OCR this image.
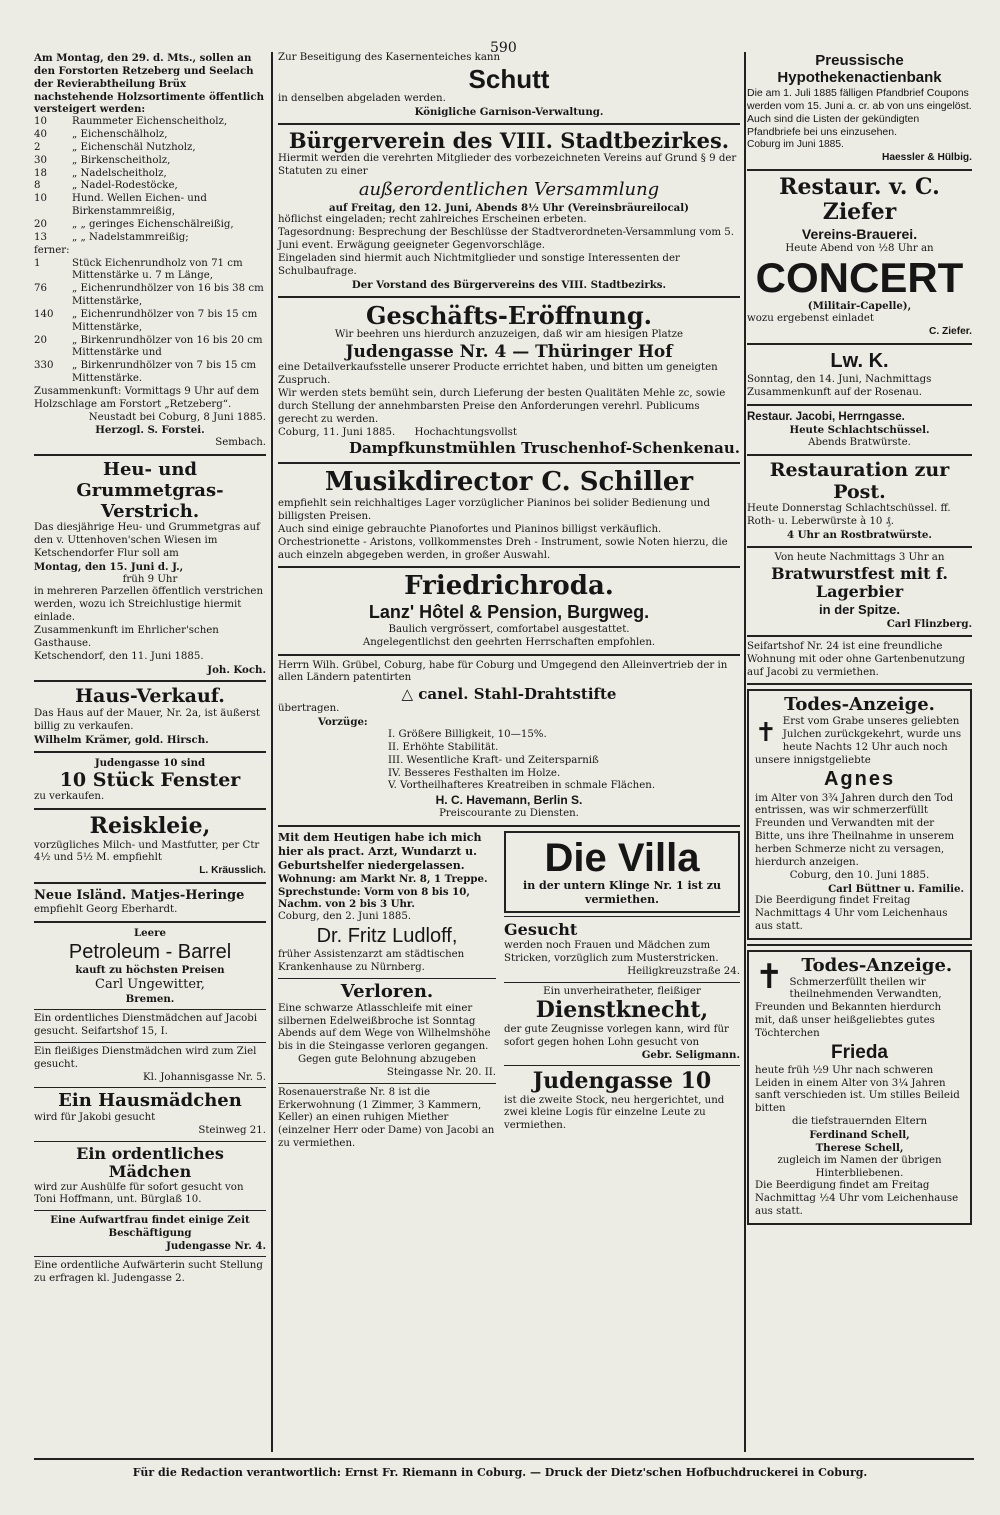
590

Am Montag, den 29. d. Mts., sollen an den Forstorten Retzeberg und Seelach der Revierabtheilung Brüx nachstehende Holzsortimente öffentlich versteigert werden:

10	Raummeter Eichenscheitholz,
40	„ Eichenschälholz,
2	„ Eichenschäl Nutzholz,
30	„ Birkenscheitholz,
18	„ Nadelscheitholz,
8	„ Nadel-Rodestöcke,
10	Hund. Wellen Eichen- und Birkenstammreißig,
20	„ „ geringes Eichenschälreißig,
13	„ „ Nadelstammreißig;

ferner:

1	Stück Eichenrundholz von 71 cm Mittenstärke u. 7 m Länge,
76	„ Eichenrundhölzer von 16 bis 38 cm Mittenstärke,
140	„ Eichenrundhölzer von 7 bis 15 cm Mittenstärke,
20	„ Birkenrundhölzer von 16 bis 20 cm Mittenstärke und
330	„ Birkenrundhölzer von 7 bis 15 cm Mittenstärke.

Zusammenkunft: Vormittags 9 Uhr auf dem Holzschlage am Forstort „Retzeberg“.

Neustadt bei Coburg, 8 Juni 1885.

Herzogl. S. Forstei.

Sembach.

Heu- und Grummetgras-Verstrich.

Das diesjährige Heu- und Grummetgras auf den v. Uttenhoven'schen Wiesen im Ketschendorfer Flur soll am

Montag, den 15. Juni d. J.,

früh 9 Uhr

in mehreren Parzellen öffentlich verstrichen werden, wozu ich Streichlustige hiermit einlade.

Zusammenkunft im Ehrlicher'schen Gasthause.

Ketschendorf, den 11. Juni 1885.

Joh. Koch.

Haus-Verkauf.

Das Haus auf der Mauer, Nr. 2a, ist äußerst billig zu verkaufen.

Wilhelm Krämer, gold. Hirsch.

Judengasse 10 sind

10 Stück Fenster

zu verkaufen.

Reiskleie,

vorzügliches Milch- und Mastfutter, per Ctr 4½ und 5½ M. empfiehlt

L. Kräusslich.

Neue Isländ. Matjes-Heringe

empfiehlt Georg Eberhardt.

Leere

Petroleum - Barrel

kauft zu höchsten Preisen

Carl Ungewitter,

Bremen.

Ein ordentliches Dienstmädchen auf Jacobi gesucht. Seifartshof 15, I.

Ein fleißiges Dienstmädchen wird zum Ziel gesucht.

Kl. Johannisgasse Nr. 5.

Ein Hausmädchen

wird für Jakobi gesucht

Steinweg 21.

Ein ordentliches Mädchen

wird zur Aushülfe für sofort gesucht von Toni Hoffmann, unt. Bürglaß 10.

Eine Aufwartfrau findet einige Zeit Beschäftigung

Judengasse Nr. 4.

Eine ordentliche Aufwärterin sucht Stellung zu erfragen kl. Judengasse 2.

Zur Beseitigung des Kasernenteiches kann

Schutt

in denselben abgeladen werden.

Königliche Garnison-Verwaltung.

Bürgerverein des VIII. Stadtbezirkes.

Hiermit werden die verehrten Mitglieder des vorbezeichneten Vereins auf Grund § 9 der Statuten zu einer

außerordentlichen Versammlung

auf Freitag, den 12. Juni, Abends 8½ Uhr (Vereinsbräureilocal)

höflichst eingeladen; recht zahlreiches Erscheinen erbeten.

Tagesordnung: Besprechung der Beschlüsse der Stadtverordneten-Versammlung vom 5. Juni event. Erwägung geeigneter Gegenvorschläge.

Eingeladen sind hiermit auch Nichtmitglieder und sonstige Interessenten der Schulbaufrage.

Der Vorstand des Bürgervereins des VIII. Stadtbezirks.

Geschäfts-Eröffnung.

Wir beehren uns hierdurch anzuzeigen, daß wir am hiesigen Platze

Judengasse Nr. 4 — Thüringer Hof

eine Detailverkaufsstelle unserer Producte errichtet haben, und bitten um geneigten Zuspruch.

Wir werden stets bemüht sein, durch Lieferung der besten Qualitäten Mehle zc, sowie durch Stellung der annehmbarsten Preise den Anforderungen verehrl. Publicums gerecht zu werden.

Coburg, 11. Juni 1885. Hochachtungsvollst

Dampfkunstmühlen Truschenhof-Schenkenau.

Musikdirector C. Schiller

empfiehlt sein reichhaltiges Lager vorzüglicher Pianinos bei solider Bedienung und billigsten Preisen.

Auch sind einige gebrauchte Pianofortes und Pianinos billigst verkäuflich. Orchestrionette - Aristons, vollkommenstes Dreh - Instrument, sowie Noten hierzu, die auch einzeln abgegeben werden, in großer Auswahl.

Friedrichroda.

Lanz' Hôtel & Pension, Burgweg.

Baulich vergrössert, comfortabel ausgestattet.

Angelegentlichst den geehrten Herrschaften empfohlen.

Herrn Wilh. Grübel, Coburg, habe für Coburg und Umgegend den Alleinvertrieb der in allen Ländern patentirten

△ canel. Stahl-Drahtstifte

übertragen.

Vorzüge:

I. Größere Billigkeit, 10—15%.

II. Erhöhte Stabilität.

III. Wesentliche Kraft- und Zeitersparniß

IV. Besseres Festhalten im Holze.

V. Vortheilhafteres Kreatreiben in schmale Flächen.

H. C. Havemann, Berlin S.

Preiscourante zu Diensten.

Mit dem Heutigen habe ich mich hier als pract. Arzt, Wundarzt u. Geburtshelfer niedergelassen.

Wohnung: am Markt Nr. 8, 1 Treppe.

Sprechstunde: Vorm von 8 bis 10, Nachm. von 2 bis 3 Uhr.

Coburg, den 2. Juni 1885.

Dr. Fritz Ludloff,

früher Assistenzarzt am städtischen Krankenhause zu Nürnberg.

Verloren.

Eine schwarze Atlasschleife mit einer silbernen Edelweißbroche ist Sonntag Abends auf dem Wege von Wilhelmshöhe bis in die Steingasse verloren gegangen.

Gegen gute Belohnung abzugeben

Steingasse Nr. 20. II.

Rosenauerstraße Nr. 8 ist die Erkerwohnung (1 Zimmer, 3 Kammern, Keller) an einen ruhigen Miether (einzelner Herr oder Dame) von Jacobi an zu vermiethen.

Die Villa

in der untern Klinge Nr. 1 ist zu vermiethen.

Gesucht

werden noch Frauen und Mädchen zum Stricken, vorzüglich zum Musterstricken.

Heiligkreuzstraße 24.

Ein unverheiratheter, fleißiger

Dienstknecht,

der gute Zeugnisse vorlegen kann, wird für sofort gegen hohen Lohn gesucht von

Gebr. Seligmann.

Judengasse 10

ist die zweite Stock, neu hergerichtet, und zwei kleine Logis für einzelne Leute zu vermiethen.

Preussische Hypothekenactienbank

Die am 1. Juli 1885 fälligen Pfandbrief Coupons werden vom 15. Juni a. cr. ab von uns eingelöst.

Auch sind die Listen der gekündigten Pfandbriefe bei uns einzusehen.

Coburg im Juni 1885.

Haessler & Hülbig.

Restaur. v. C. Ziefer

Vereins-Brauerei.

Heute Abend von ½8 Uhr an

CONCERT

(Militair-Capelle),

wozu ergebenst einladet

C. Ziefer.

Lw. K.

Sonntag, den 14. Juni, Nachmittags Zusammenkunft auf der Rosenau.

Restaur. Jacobi, Herrngasse.

Heute Schlachtschüssel.

Abends Bratwürste.

Restauration zur Post.

Heute Donnerstag Schlachtschüssel. ff. Roth- u. Leberwürste à 10 ₰.

4 Uhr an Rostbratwürste.

Von heute Nachmittags 3 Uhr an

Bratwurstfest mit f. Lagerbier

in der Spitze.

Carl Flinzberg.

Seifartshof Nr. 24 ist eine freundliche Wohnung mit oder ohne Gartenbenutzung auf Jacobi zu vermiethen.

Todes-Anzeige.

✝ Erst vom Grabe unseres geliebten Julchen zurückgekehrt, wurde uns heute Nachts 12 Uhr auch noch unsere innigstgeliebte

Agnes

im Alter von 3¾ Jahren durch den Tod entrissen, was wir schmerzerfüllt Freunden und Verwandten mit der Bitte, uns ihre Theilnahme in unserem herben Schmerze nicht zu versagen, hierdurch anzeigen.

Coburg, den 10. Juni 1885.

Carl Büttner u. Familie.

Die Beerdigung findet Freitag Nachmittags 4 Uhr vom Leichenhaus aus statt.

✝ Todes-Anzeige.

Schmerzerfüllt theilen wir theilnehmenden Verwandten, Freunden und Bekannten hierdurch mit, daß unser heißgeliebtes gutes Töchterchen

Frieda

heute früh ½9 Uhr nach schweren Leiden in einem Alter von 3¼ Jahren sanft verschieden ist. Um stilles Beileid bitten

die tiefstrauernden Eltern

Ferdinand Schell,

Therese Schell,

zugleich im Namen der übrigen Hinterbliebenen.

Die Beerdigung findet am Freitag Nachmittag ½4 Uhr vom Leichenhause aus statt.

Für die Redaction verantwortlich: Ernst Fr. Riemann in Coburg. — Druck der Dietz'schen Hofbuchdruckerei in Coburg.
